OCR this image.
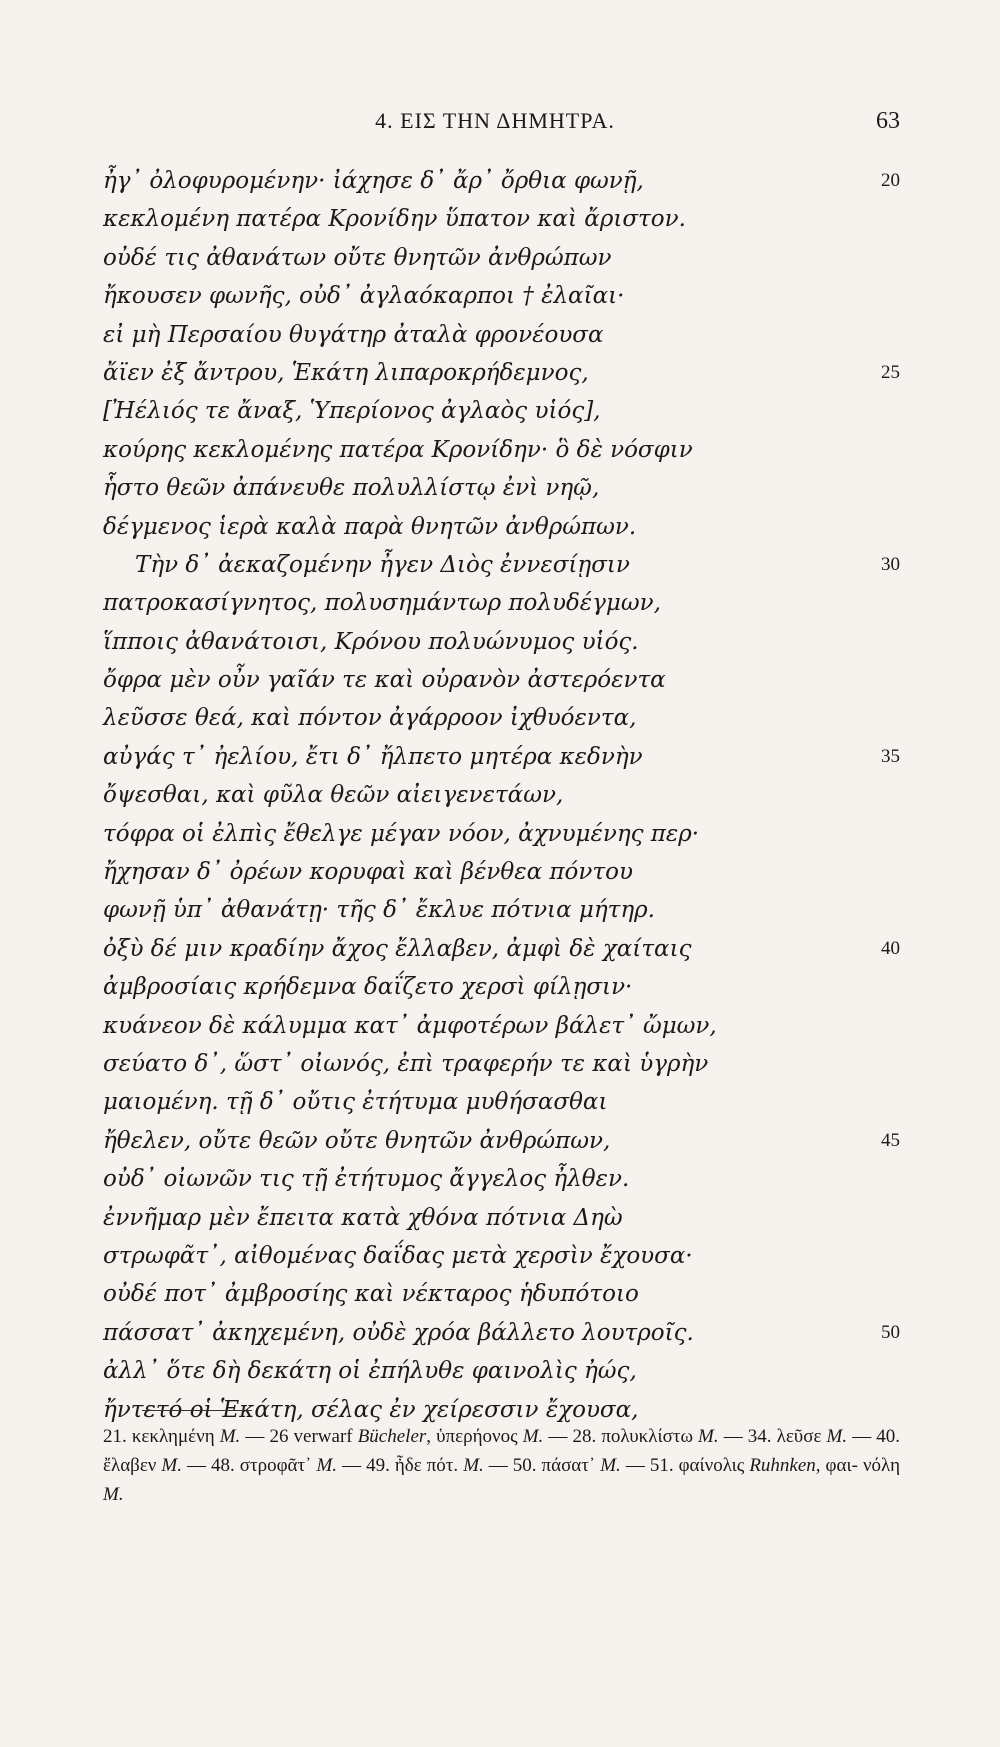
4. ΕΙΣ ΤΗΝ ΔΗΜΗΤΡΑ.	63
ἦγ᾽ ὀλοφυρομένην· ἰάχησε δ᾽ ἄρ᾽ ὄρθια φωνῇ,	20
κεκλομένη πατέρα Κρονίδην ὕπατον καὶ ἄριστον.
οὐδέ τις ἀθανάτων οὔτε θνητῶν ἀνθρώπων
ἤκουσεν φωνῆς, οὐδ᾽ ἀγλαόκαρποι † ἐλαῖαι·
εἰ μὴ Περσαίου θυγάτηρ ἀταλὰ φρονέουσα
ἄϊεν ἐξ ἄντρου, Ἑκάτη λιπαροκρήδεμνος,	25
[Ἠέλιός τε ἄναξ, Ὑπερίονος ἀγλαὸς υἱός],
κούρης κεκλομένης πατέρα Κρονίδην· ὃ δὲ νόσφιν
ἧστο θεῶν ἀπάνευθε πολυλλίστῳ ἐνὶ νηῷ,
δέγμενος ἱερὰ καλὰ παρὰ θνητῶν ἀνθρώπων.
Τὴν δ᾽ ἀεκαζομένην ἦγεν Διὸς ἐννεσίῃσιν	30
πατροκασίγνητος, πολυσημάντωρ πολυδέγμων,
ἵπποις ἀθανάτοισι, Κρόνου πολυώνυμος υἱός.
ὄφρα μὲν οὖν γαῖάν τε καὶ οὐρανὸν ἀστερόεντα
λεῦσσε θεά, καὶ πόντον ἀγάρροον ἰχθυόεντα,
αὐγάς τ᾽ ἠελίου, ἔτι δ᾽ ἤλπετο μητέρα κεδνὴν	35
ὄψεσθαι, καὶ φῦλα θεῶν αἰειγενετάων,
τόφρα οἱ ἐλπὶς ἔθελγε μέγαν νόον, ἀχνυμένης περ·
ἤχησαν δ᾽ ὀρέων κορυφαὶ καὶ βένθεα πόντου
φωνῇ ὑπ᾽ ἀθανάτῃ· τῆς δ᾽ ἔκλυε πότνια μήτηρ.
ὀξὺ δέ μιν κραδίην ἄχος ἔλλαβεν, ἀμφὶ δὲ χαίταις	40
ἀμβροσίαις κρήδεμνα δαΐζετο χερσὶ φίλῃσιν·
κυάνεον δὲ κάλυμμα κατ᾽ ἀμφοτέρων βάλετ᾽ ὤμων,
σεύατο δ᾽, ὥστ᾽ οἰωνός, ἐπὶ τραφερήν τε καὶ ὑγρὴν
μαιομένη. τῇ δ᾽ οὔτις ἐτήτυμα μυθήσασθαι
ἤθελεν, οὔτε θεῶν οὔτε θνητῶν ἀνθρώπων,	45
οὐδ᾽ οἰωνῶν τις τῇ ἐτήτυμος ἄγγελος ἦλθεν.
ἐννῆμαρ μὲν ἔπειτα κατὰ χθόνα πότνια Δηὼ
στρωφᾶτ᾽, αἰθομένας δαΐδας μετὰ χερσὶν ἔχουσα·
οὐδέ ποτ᾽ ἀμβροσίης καὶ νέκταρος ἡδυπότοιο
πάσσατ᾽ ἀκηχεμένη, οὐδὲ χρόα βάλλετο λουτροῖς.	50
ἀλλ᾽ ὅτε δὴ δεκάτη οἱ ἐπήλυθε φαινολὶς ἠώς,
ἤντετό οἱ Ἑκάτη, σέλας ἐν χείρεσσιν ἔχουσα,
21. κεκλημένη M. — 26 verwarf Bücheler, ὑπερήονος M. — 28. πολυκλίστω M. — 34. λεῦσε M. — 40. ἔλαβεν M. — 48. στροφᾶτ᾽ M. — 49. ἦδε πότ. M. — 50. πάσατ᾽ M. — 51. φαίνολις Ruhnken, φαι- νόλη M.
